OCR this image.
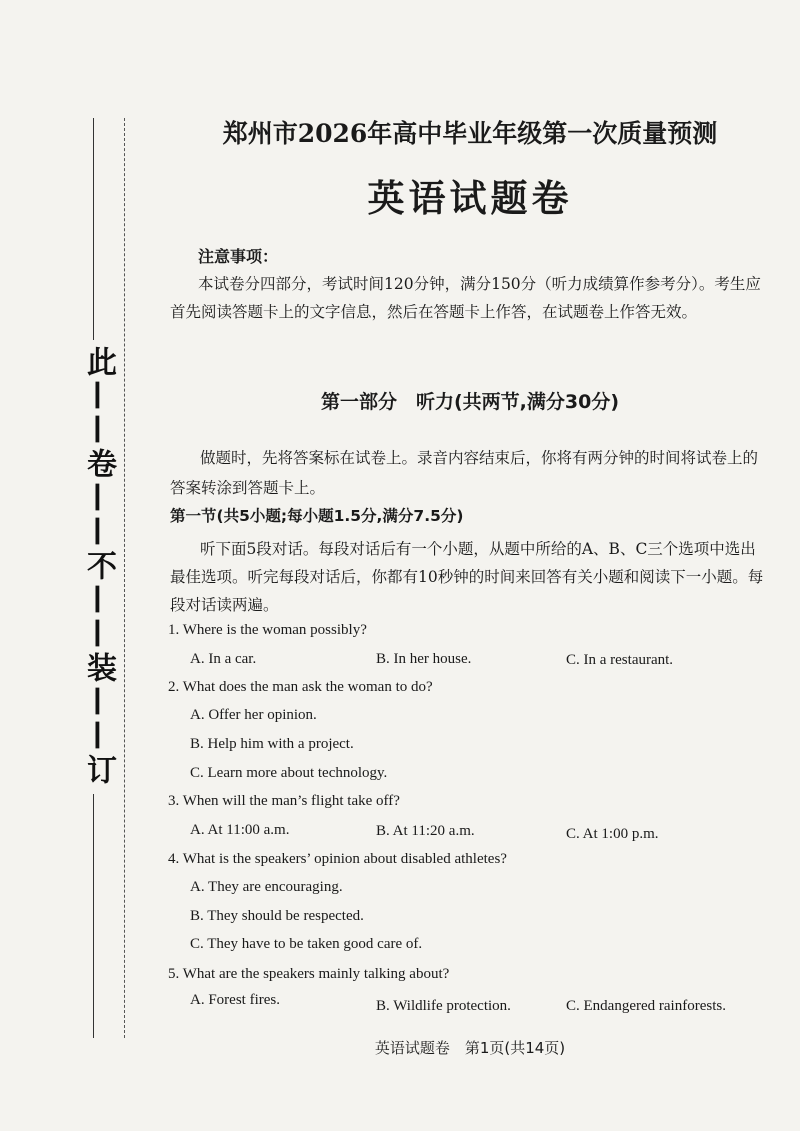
此——卷——不——装——订
郑州市2026年高中毕业年级第一次质量预测
英语试题卷
注意事项：
本试卷分四部分，考试时间120分钟，满分150分（听力成绩算作参考分）。考生应首先阅读答题卡上的文字信息，然后在答题卡上作答，在试题卷上作答无效。
第一部分　听力(共两节,满分30分)
做题时，先将答案标在试卷上。录音内容结束后，你将有两分钟的时间将试卷上的答案转涂到答题卡上。
第一节(共5小题;每小题1.5分,满分7.5分)
听下面5段对话。每段对话后有一个小题，从题中所给的A、B、C三个选项中选出最佳选项。听完每段对话后，你都有10秒钟的时间来回答有关小题和阅读下一小题。每段对话读两遍。
1. Where is the woman possibly?
A. In a car.	B. In her house.	C. In a restaurant.
2. What does the man ask the woman to do?
A. Offer her opinion.
B. Help him with a project.
C. Learn more about technology.
3. When will the man’s flight take off?
A. At 11:00 a.m.	B. At 11:20 a.m.	C. At 1:00 p.m.
4. What is the speakers’ opinion about disabled athletes?
A. They are encouraging.
B. They should be respected.
C. They have to be taken good care of.
5. What are the speakers mainly talking about?
A. Forest fires.	B. Wildlife protection.	C. Endangered rainforests.
英语试题卷　第1页(共14页)
